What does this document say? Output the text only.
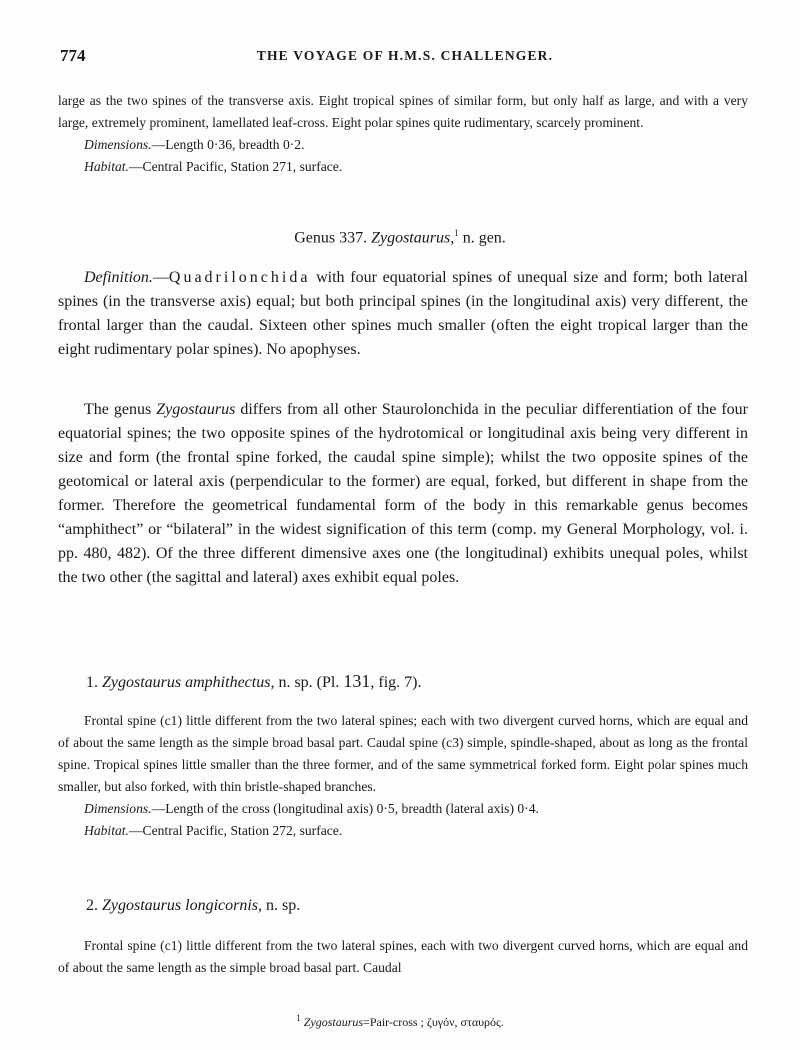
774	THE VOYAGE OF H.M.S. CHALLENGER.

large as the two spines of the transverse axis. Eight tropical spines of similar form, but only half as large, and with a very large, extremely prominent, lamellated leaf-cross. Eight polar spines quite rudimentary, scarcely prominent.

Dimensions.—Length 0·36, breadth 0·2.

Habitat.—Central Pacific, Station 271, surface.

Genus 337. Zygostaurus,$^1$ n. gen.

Definition.—Quadrilonchida with four equatorial spines of unequal size and form; both lateral spines (in the transverse axis) equal; but both principal spines (in the longitudinal axis) very different, the frontal larger than the caudal. Sixteen other spines much smaller (often the eight tropical larger than the eight rudimentary polar spines). No apophyses.

The genus Zygostaurus differs from all other Staurolonchida in the peculiar differentiation of the four equatorial spines; the two opposite spines of the hydrotomical or longitudinal axis being very different in size and form (the frontal spine forked, the caudal spine simple); whilst the two opposite spines of the geotomical or lateral axis (perpendicular to the former) are equal, forked, but different in shape from the former. Therefore the geometrical fundamental form of the body in this remarkable genus becomes “amphithect” or “bilateral” in the widest signification of this term (comp. my General Morphology, vol. i. pp. 480, 482). Of the three different dimensive axes one (the longitudinal) exhibits unequal poles, whilst the two other (the sagittal and lateral) axes exhibit equal poles.

1. Zygostaurus amphithectus, n. sp. (Pl. 131, fig. 7).

Frontal spine (c1) little different from the two lateral spines; each with two divergent curved horns, which are equal and of about the same length as the simple broad basal part. Caudal spine (c3) simple, spindle-shaped, about as long as the frontal spine. Tropical spines little smaller than the three former, and of the same symmetrical forked form. Eight polar spines much smaller, but also forked, with thin bristle-shaped branches.

Dimensions.—Length of the cross (longitudinal axis) 0·5, breadth (lateral axis) 0·4.

Habitat.—Central Pacific, Station 272, surface.

2. Zygostaurus longicornis, n. sp.

Frontal spine (c1) little different from the two lateral spines, each with two divergent curved horns, which are equal and of about the same length as the simple broad basal part. Caudal

$^1$ Zygostaurus=Pair-cross ; ζυγόν, σταυρός.
